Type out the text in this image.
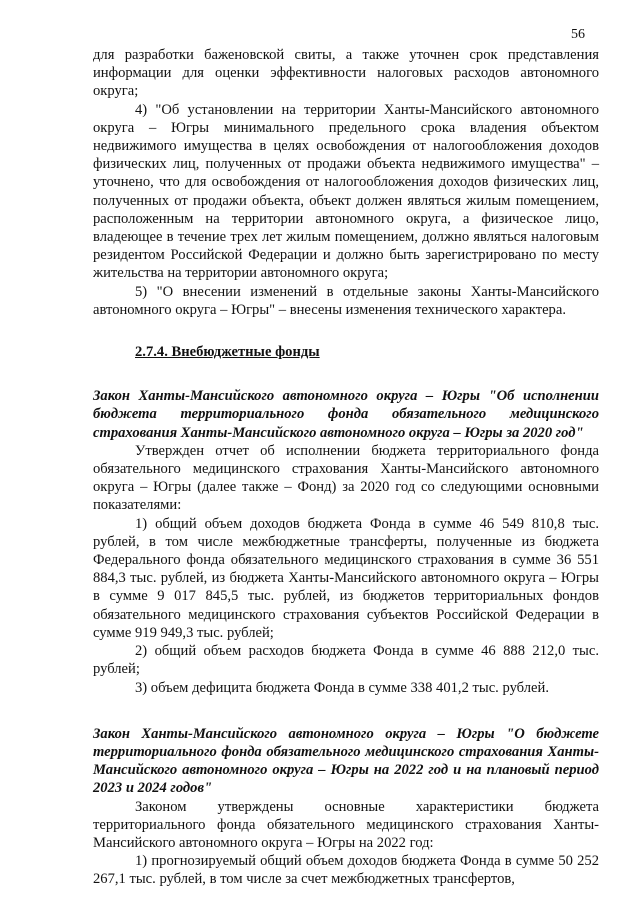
56

для разработки баженовской свиты, а также уточнен срок представления информации для оценки эффективности налоговых расходов автономного округа;

4) "Об установлении на территории Ханты-Мансийского автономного округа – Югры минимального предельного срока владения объектом недвижимого имущества в целях освобождения от налогообложения доходов физических лиц, полученных от продажи объекта недвижимого имущества" – уточнено, что для освобождения от налогообложения доходов физических лиц, полученных от продажи объекта, объект должен являться жилым помещением, расположенным на территории автономного округа, а физическое лицо, владеющее в течение трех лет жилым помещением, должно являться налоговым резидентом Российской Федерации и должно быть зарегистрировано по месту жительства на территории автономного округа;

5) "О внесении изменений в отдельные законы Ханты-Мансийского автономного округа – Югры" – внесены изменения технического характера.

2.7.4. Внебюджетные фонды

Закон Ханты-Мансийского автономного округа – Югры "Об исполнении бюджета территориального фонда обязательного медицинского страхования Ханты-Мансийского автономного округа – Югры за 2020 год"

Утвержден отчет об исполнении бюджета территориального фонда обязательного медицинского страхования Ханты-Мансийского автономного округа – Югры (далее также – Фонд) за 2020 год со следующими основными показателями:

1) общий объем доходов бюджета Фонда в сумме 46 549 810,8 тыс. рублей, в том числе межбюджетные трансферты, полученные из бюджета Федерального фонда обязательного медицинского страхования в сумме 36 551 884,3 тыс. рублей, из бюджета Ханты-Мансийского автономного округа – Югры в сумме 9 017 845,5 тыс. рублей, из бюджетов территориальных фондов обязательного медицинского страхования субъектов Российской Федерации в сумме 919 949,3 тыс. рублей;

2) общий объем расходов бюджета Фонда в сумме 46 888 212,0 тыс. рублей;

3) объем дефицита бюджета Фонда в сумме 338 401,2 тыс. рублей.

Закон Ханты-Мансийского автономного округа – Югры "О бюджете территориального фонда обязательного медицинского страхования Ханты-Мансийского автономного округа – Югры на 2022 год и на плановый период 2023 и 2024 годов"

Законом утверждены основные характеристики бюджета территориального фонда обязательного медицинского страхования Ханты-Мансийского автономного округа – Югры на 2022 год:

1) прогнозируемый общий объем доходов бюджета Фонда в сумме 50 252 267,1 тыс. рублей, в том числе за счет межбюджетных трансфертов,
